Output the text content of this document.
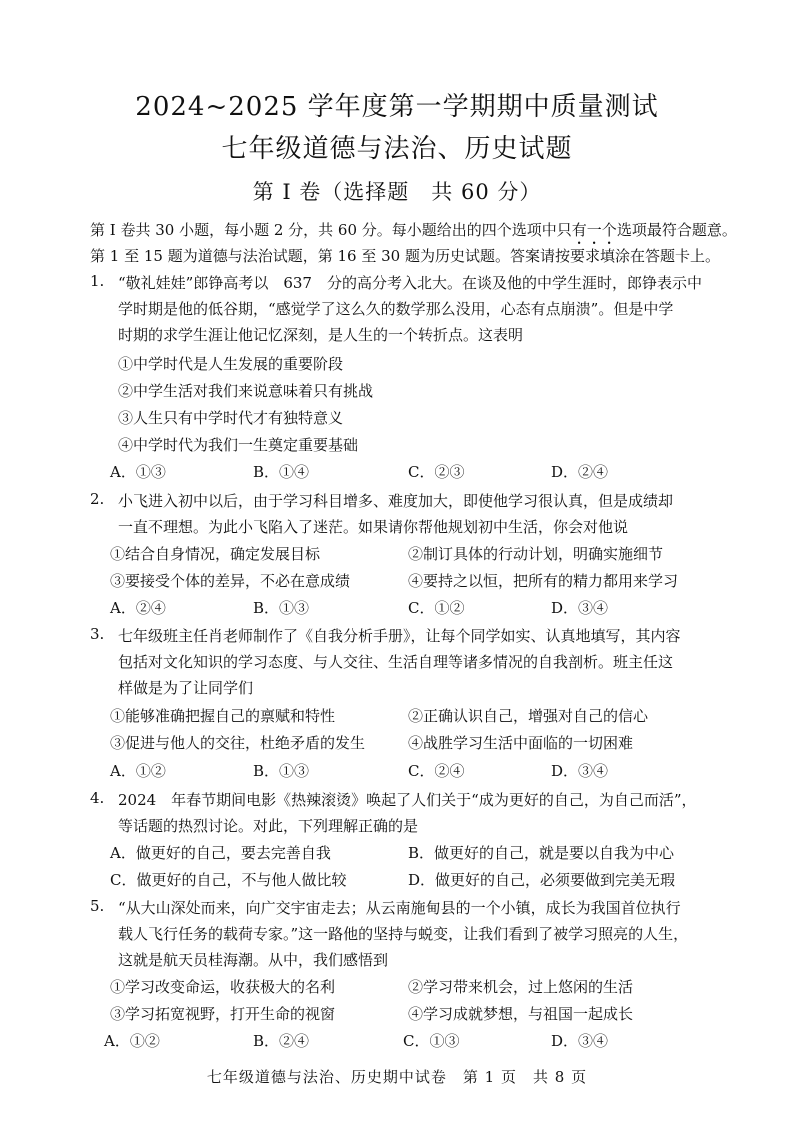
2024~2025 学年度第一学期期中质量测试
七年级道德与法治、历史试题
第 I 卷（选择题　共 60 分）
第 I 卷共 30 小题，每小题 2 分，共 60 分。每小题给出的四个选项中只有一个选项最符合题意。
第 1 至 15 题为道德与法治试题，第 16 至 30 题为历史试题。答案请按要求填涂在答题卡上。
1. “敬礼娃娃”郎铮高考以　637　分的高分考入北大。在谈及他的中学生涯时，郎铮表示中
学时期是他的低谷期，“感觉学了这么久的数学那么没用，心态有点崩溃”。但是中学
时期的求学生涯让他记忆深刻，是人生的一个转折点。这表明
①中学时代是人生发展的重要阶段
②中学生活对我们来说意味着只有挑战
③人生只有中学时代才有独特意义
④中学时代为我们一生奠定重要基础
A．①③	B．①④	C．②③	D．②④
2. 小飞进入初中以后，由于学习科目增多、难度加大，即使他学习很认真，但是成绩却
一直不理想。为此小飞陷入了迷茫。如果请你帮他规划初中生活，你会对他说
①结合自身情况，确定发展目标	②制订具体的行动计划，明确实施细节
③要接受个体的差异，不必在意成绩	④要持之以恒，把所有的精力都用来学习
A．②④	B．①③	C．①②	D．③④
3. 七年级班主任肖老师制作了《自我分析手册》，让每个同学如实、认真地填写，其内容
包括对文化知识的学习态度、与人交往、生活自理等诸多情况的自我剖析。班主任这
样做是为了让同学们
①能够准确把握自己的禀赋和特性	②正确认识自己，增强对自己的信心
③促进与他人的交往，杜绝矛盾的发生	④战胜学习生活中面临的一切困难
A．①②	B．①③	C．②④	D．③④
4. 2024　年春节期间电影《热辣滚烫》唤起了人们关于“成为更好的自己，为自己而活”，
等话题的热烈讨论。对此，下列理解正确的是
A．做更好的自己，要去完善自我	B．做更好的自己，就是要以自我为中心
C．做更好的自己，不与他人做比较	D．做更好的自己，必须要做到完美无瑕
5. “从大山深处而来，向广交宇宙走去；从云南施甸县的一个小镇，成长为我国首位执行
载人飞行任务的载荷专家。”这一路他的坚持与蜕变，让我们看到了被学习照亮的人生，
这就是航天员桂海潮。从中，我们感悟到
①学习改变命运，收获极大的名利	②学习带来机会，过上悠闲的生活
③学习拓宽视野，打开生命的视窗	④学习成就梦想，与祖国一起成长
A．①②	B．②④	C．①③	D．③④
七年级道德与法治、历史期中试卷　第 1 页　共 8 页
